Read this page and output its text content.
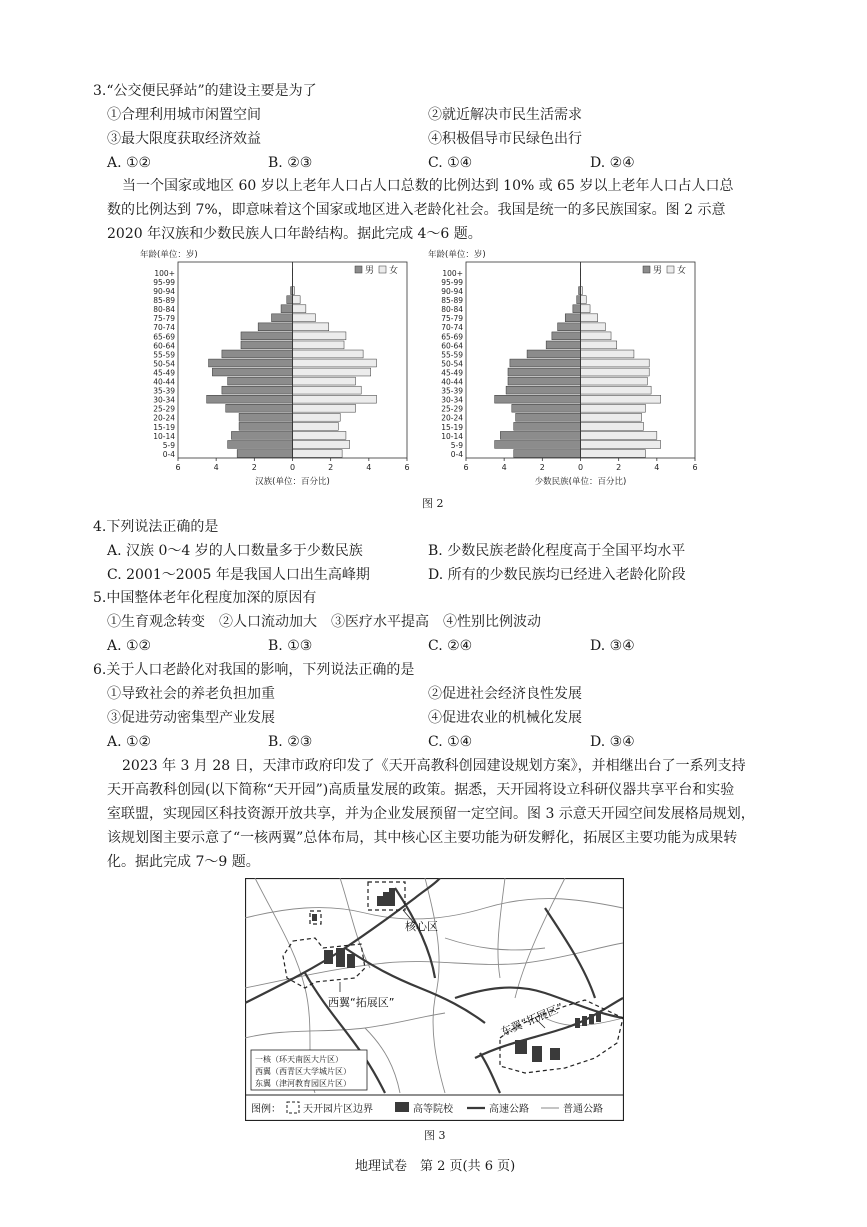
3.“公交便民驿站”的建设主要是为了
①合理利用城市闲置空间	②就近解决市民生活需求
③最大限度获取经济效益	④积极倡导市民绿色出行
A. ①②	B. ②③	C. ①④	D. ②④
当一个国家或地区 60 岁以上老年人口占人口总数的比例达到 10% 或 65 岁以上老年人口占人口总
数的比例达到 7%，即意味着这个国家或地区进入老龄化社会。我国是统一的多民族国家。图 2 示意
2020 年汉族和少数民族人口年龄结构。据此完成 4～6 题。
年龄(单位：岁)
0-4
5-9
10-14
15-19
20-24
25-29
30-34
35-39
40-44
45-49
50-54
55-59
60-64
65-69
70-74
75-79
80-84
85-89
90-94
95-99
100+
6	4	2	0	2	4	6
汉族(单位：百分比)
男 女
年龄(单位：岁)
0-4
5-9
10-14
15-19
20-24
25-29
30-34
35-39
40-44
45-49
50-54
55-59
60-64
65-69
70-74
75-79
80-84
85-89
90-94
95-99
100+
6	4	2	0	2	4	6
少数民族(单位：百分比)
男 女
图 2
4.下列说法正确的是
A. 汉族 0～4 岁的人口数量多于少数民族	B. 少数民族老龄化程度高于全国平均水平
C. 2001～2005 年是我国人口出生高峰期	D. 所有的少数民族均已经进入老龄化阶段
5.中国整体老年化程度加深的原因有
①生育观念转变　②人口流动加大　③医疗水平提高　④性别比例波动
A. ①②	B. ①③	C. ②④	D. ③④
6.关于人口老龄化对我国的影响，下列说法正确的是
①导致社会的养老负担加重	②促进社会经济良性发展
③促进劳动密集型产业发展	④促进农业的机械化发展
A. ①②	B. ②③	C. ①④	D. ③④
2023 年 3 月 28 日，天津市政府印发了《天开高教科创园建设规划方案》，并相继出台了一系列支持
天开高教科创园(以下简称“天开园”)高质量发展的政策。据悉，天开园将设立科研仪器共享平台和实验
室联盟，实现园区科技资源开放共享，并为企业发展预留一定空间。图 3 示意天开园空间发展格局规划，
该规划图主要示意了“一核两翼”总体布局，其中核心区主要功能为研发孵化，拓展区主要功能为成果转
化。据此完成 7～9 题。
核心区
西翼“拓展区”	东翼“拓展区”
一核（环天南医大片区）
西翼（西青区大学城片区）
东翼（津河教育园区片区）
图例： 天开园片区边界	高等院校	高速公路	普通公路
图 3
地理试卷　第 2 页(共 6 页)
